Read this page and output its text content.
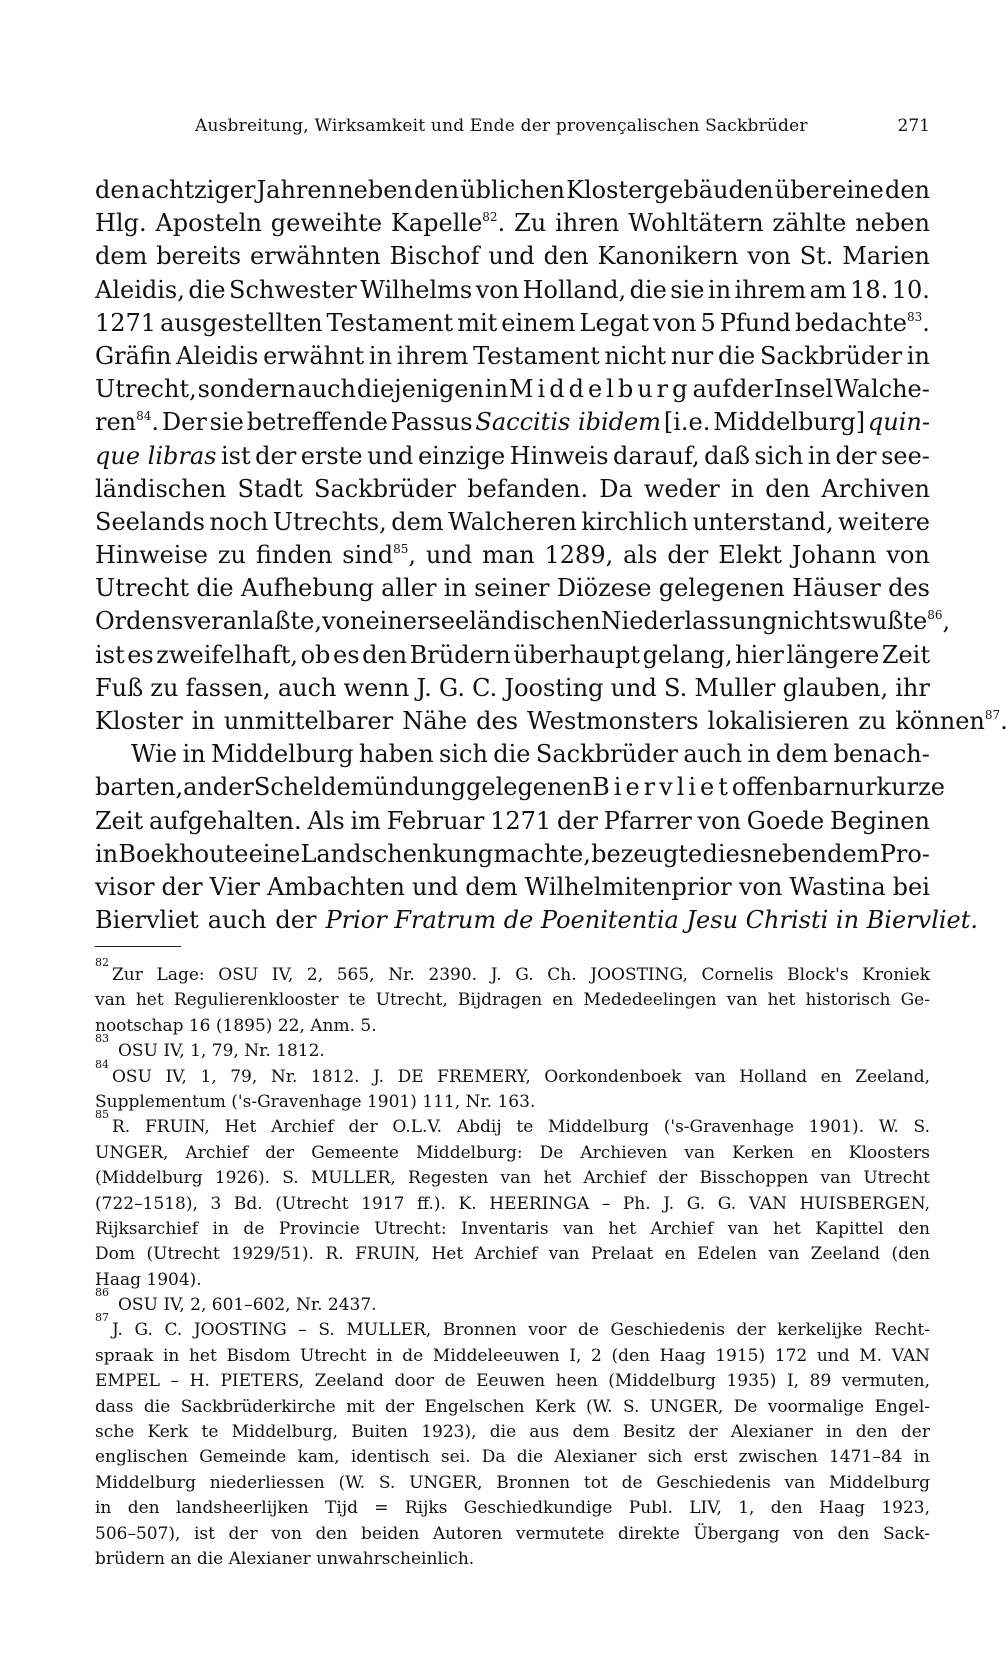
Ausbreitung, Wirksamkeit und Ende der provençalischen Sackbrüder	271
den achtziger Jahren neben den üblichen Klostergebäuden über eine den
Hlg. Aposteln geweihte Kapelle$^{82}$. Zu ihren Wohltätern zählte neben
dem bereits erwähnten Bischof und den Kanonikern von St. Marien
Aleidis, die Schwester Wilhelms von Holland, die sie in ihrem am 18. 10.
1271 ausgestellten Testament mit einem Legat von 5 Pfund bedachte$^{83}$.
Gräfin Aleidis erwähnt in ihrem Testament nicht nur die Sackbrüder in
Utrecht, sondern auch diejenigen in Middelburg auf der Insel Walche-
ren$^{84}$. Der sie betreffende Passus Saccitis ibidem [i.e. Middelburg] quin-
que libras ist der erste und einzige Hinweis darauf, daß sich in der see-
ländischen Stadt Sackbrüder befanden. Da weder in den Archiven
Seelands noch Utrechts, dem Walcheren kirchlich unterstand, weitere
Hinweise zu finden sind$^{85}$, und man 1289, als der Elekt Johann von
Utrecht die Aufhebung aller in seiner Diözese gelegenen Häuser des
Ordens veranlaßte, von einer seeländischen Niederlassung nichts wußte$^{86}$,
ist es zweifelhaft, ob es den Brüdern überhaupt gelang, hier längere Zeit
Fuß zu fassen, auch wenn J. G. C. Joosting und S. Muller glauben, ihr
Kloster in unmittelbarer Nähe des Westmonsters lokalisieren zu können$^{87}$.
Wie in Middelburg haben sich die Sackbrüder auch in dem benach-
barten, an der Scheldemündung gelegenen Biervliet offenbar nur kurze
Zeit aufgehalten. Als im Februar 1271 der Pfarrer von Goede Beginen
in Boekhoute eine Landschenkung machte, bezeugte dies neben dem Pro-
visor der Vier Ambachten und dem Wilhelmitenprior von Wastina bei
Biervliet auch der Prior Fratrum de Poenitentia Jesu Christi in Biervliet.
82
Zur Lage: OSU IV, 2, 565, Nr. 2390. J. G. Ch. JOOSTING, Cornelis Block's Kroniek
van het Regulierenklooster te Utrecht, Bijdragen en Mededeelingen van het historisch Ge-
nootschap 16 (1895) 22, Anm. 5.
83
OSU IV, 1, 79, Nr. 1812.
84
OSU IV, 1, 79, Nr. 1812. J. DE FREMERY, Oorkondenboek van Holland en Zeeland,
Supplementum ('s-Gravenhage 1901) 111, Nr. 163.
85
R. FRUIN, Het Archief der O.L.V. Abdij te Middelburg ('s-Gravenhage 1901). W. S.
UNGER, Archief der Gemeente Middelburg: De Archieven van Kerken en Kloosters
(Middelburg 1926). S. MULLER, Regesten van het Archief der Bisschoppen van Utrecht
(722–1518), 3 Bd. (Utrecht 1917 ff.). K. HEERINGA – Ph. J. G. G. VAN HUISBERGEN,
Rijksarchief in de Provincie Utrecht: Inventaris van het Archief van het Kapittel den
Dom (Utrecht 1929/51). R. FRUIN, Het Archief van Prelaat en Edelen van Zeeland (den
Haag 1904).
86
OSU IV, 2, 601–602, Nr. 2437.
87
J. G. C. JOOSTING – S. MULLER, Bronnen voor de Geschiedenis der kerkelijke Recht-
spraak in het Bisdom Utrecht in de Middeleeuwen I, 2 (den Haag 1915) 172 und M. VAN
EMPEL – H. PIETERS, Zeeland door de Eeuwen heen (Middelburg 1935) I, 89 vermuten,
dass die Sackbrüderkirche mit der Engelschen Kerk (W. S. UNGER, De voormalige Engel-
sche Kerk te Middelburg, Buiten 1923), die aus dem Besitz der Alexianer in den der
englischen Gemeinde kam, identisch sei. Da die Alexianer sich erst zwischen 1471–84 in
Middelburg niederliessen (W. S. UNGER, Bronnen tot de Geschiedenis van Middelburg
in den landsheerlijken Tijd = Rijks Geschiedkundige Publ. LIV, 1, den Haag 1923,
506–507), ist der von den beiden Autoren vermutete direkte Übergang von den Sack-
brüdern an die Alexianer unwahrscheinlich.
